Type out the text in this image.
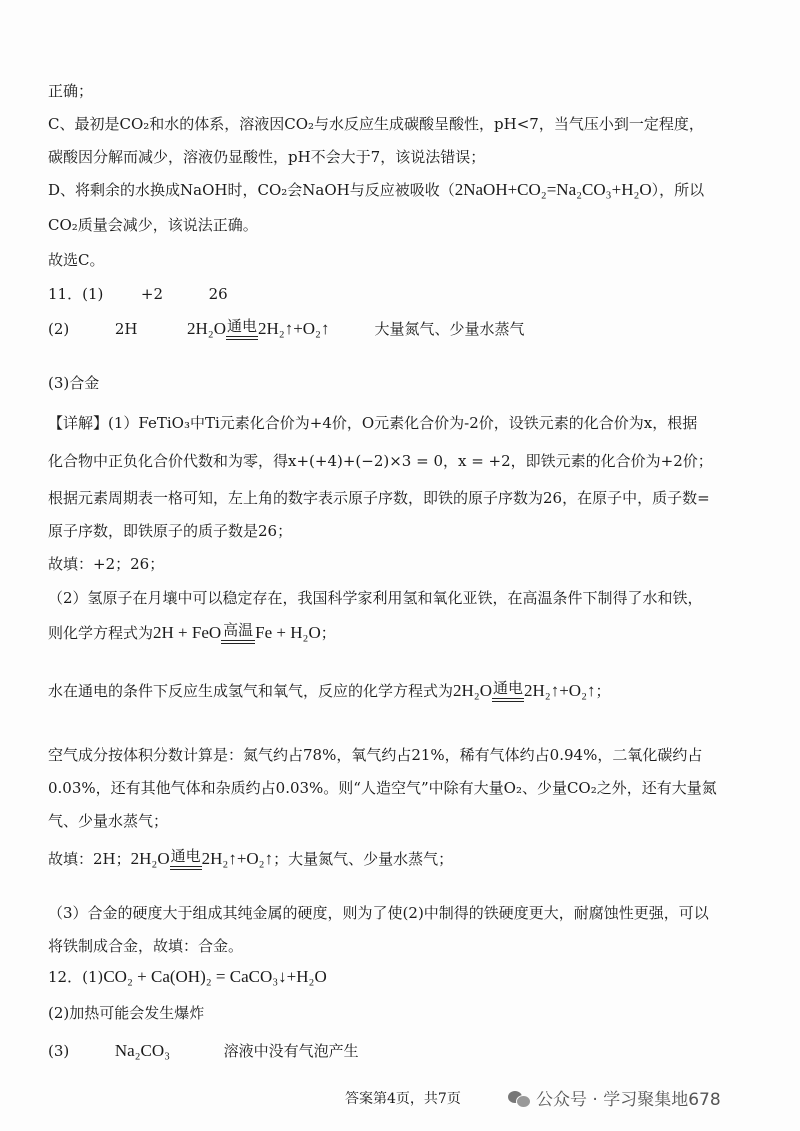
正确；
C、最初是CO₂和水的体系，溶液因CO₂与水反应生成碳酸呈酸性，pH<7，当气压小到一定程度，
碳酸因分解而减少，溶液仍显酸性，pH不会大于7，该说法错误；
D、将剩余的水换成NaOH时，CO₂会NaOH与反应被吸收（2NaOH+CO₂=Na₂CO₃+H₂O），所以
CO₂质量会减少，该说法正确。
故选C。
11．(1)	+2	26
(2)	2H	2H₂O 通电 2H₂↑+O₂↑	大量氮气、少量水蒸气
(3)合金
【详解】(1）FeTiO₃中Ti元素化合价为+4价，O元素化合价为-2价，设铁元素的化合价为x，根据
化合物中正负化合价代数和为零，得x+(+4)+(−2)×3 = 0，x = +2，即铁元素的化合价为+2价；
根据元素周期表一格可知，左上角的数字表示原子序数，即铁的原子序数为26，在原子中，质子数=
原子序数，即铁原子的质子数是26；
故填：+2；26；
（2）氢原子在月壤中可以稳定存在，我国科学家利用氢和氧化亚铁，在高温条件下制得了水和铁，
则化学方程式为2H + FeO 高温 Fe + H₂O；
水在通电的条件下反应生成氢气和氧气，反应的化学方程式为2H₂O 通电 2H₂↑+O₂↑；
空气成分按体积分数计算是：氮气约占78%，氧气约占21%，稀有气体约占0.94%，二氧化碳约占
0.03%，还有其他气体和杂质约占0.03%。则“人造空气”中除有大量O₂、少量CO₂之外，还有大量氮
气、少量水蒸气；
故填：2H；2H₂O 通电 2H₂↑+O₂↑；大量氮气、少量水蒸气；
（3）合金的硬度大于组成其纯金属的硬度，则为了使(2)中制得的铁硬度更大，耐腐蚀性更强，可以
将铁制成合金，故填：合金。
12．(1)CO₂ + Ca(OH)₂ = CaCO₃↓+H₂O
(2)加热可能会发生爆炸
(3)	Na₂CO₃	溶液中没有气泡产生
答案第4页，共7页	公众号 · 学习聚集地678
